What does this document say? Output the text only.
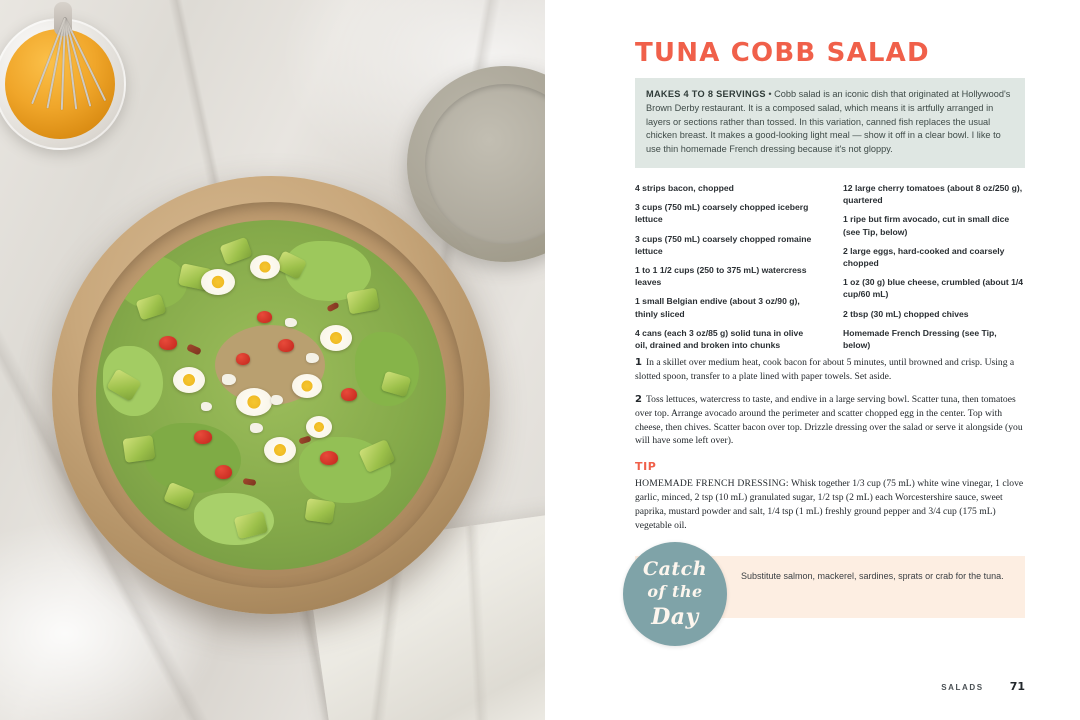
TUNA COBB SALAD
MAKES 4 TO 8 SERVINGS • Cobb salad is an iconic dish that originated at Hollywood's Brown Derby restaurant. It is a composed salad, which means it is artfully arranged in layers or sections rather than tossed. In this variation, canned fish replaces the usual chicken breast. It makes a good-looking light meal — show it off in a clear bowl. I like to use thin homemade French dressing because it's not gloppy.
4 strips bacon, chopped
3 cups (750 mL) coarsely chopped iceberg lettuce
3 cups (750 mL) coarsely chopped romaine lettuce
1 to 1 1/2 cups (250 to 375 mL) watercress leaves
1 small Belgian endive (about 3 oz/90 g), thinly sliced
4 cans (each 3 oz/85 g) solid tuna in olive oil, drained and broken into chunks
12 large cherry tomatoes (about 8 oz/250 g), quartered
1 ripe but firm avocado, cut in small dice (see Tip, below)
2 large eggs, hard-cooked and coarsely chopped
1 oz (30 g) blue cheese, crumbled (about 1/4 cup/60 mL)
2 tbsp (30 mL) chopped chives
Homemade French Dressing (see Tip, below)
1 In a skillet over medium heat, cook bacon for about 5 minutes, until browned and crisp. Using a slotted spoon, transfer to a plate lined with paper towels. Set aside.
2 Toss lettuces, watercress to taste, and endive in a large serving bowl. Scatter tuna, then tomatoes over top. Arrange avocado around the perimeter and scatter chopped egg in the center. Top with cheese, then chives. Scatter bacon over top. Drizzle dressing over the salad or serve it alongside (you will have some left over).
TIP
HOMEMADE FRENCH DRESSING: Whisk together 1/3 cup (75 mL) white wine vinegar, 1 clove garlic, minced, 2 tsp (10 mL) granulated sugar, 1/2 tsp (2 mL) each Worcestershire sauce, sweet paprika, mustard powder and salt, 1/4 tsp (1 mL) freshly ground pepper and 3/4 cup (175 mL) vegetable oil.
Substitute salmon, mackerel, sardines, sprats or crab for the tuna.
Catch
of the
Day
SALADS 71
